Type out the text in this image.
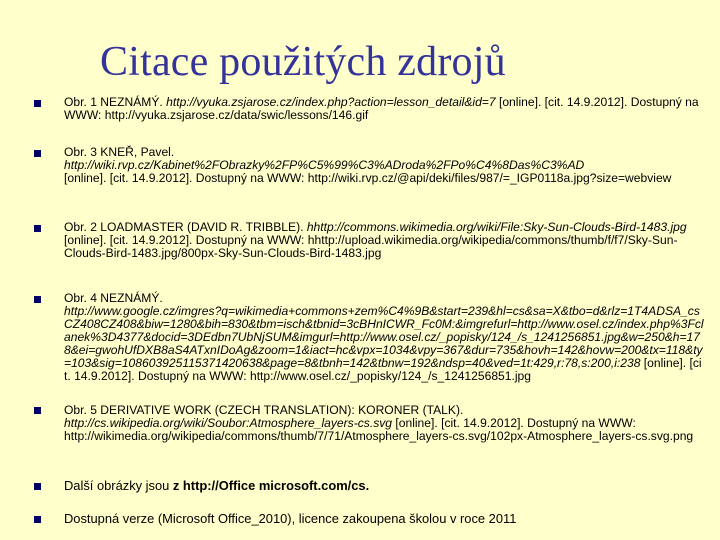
Citace použitých zdrojů
Obr. 1 NEZNÁMÝ. http://vyuka.zsjarose.cz/index.php?action=lesson_detail&id=7 [online]. [cit. 14.9.2012]. Dostupný na WWW: http://vyuka.zsjarose.cz/data/swic/lessons/146.gif
Obr. 3 KNEŘ, Pavel.
http://wiki.rvp.cz/Kabinet%2FObrazky%2FP%C5%99%C3%ADroda%2FPo%C4%8Das%C3%AD
[online]. [cit. 14.9.2012]. Dostupný na WWW: http://wiki.rvp.cz/@api/deki/files/987/=_IGP0118a.jpg?size=webview
Obr. 2 LOADMASTER (DAVID R. TRIBBLE). hhttp://commons.wikimedia.org/wiki/File:Sky-Sun-Clouds-Bird-1483.jpg [online]. [cit. 14.9.2012]. Dostupný na WWW: hhttp://upload.wikimedia.org/wikipedia/commons/thumb/f/f7/Sky-Sun-Clouds-Bird-1483.jpg/800px-Sky-Sun-Clouds-Bird-1483.jpg
Obr. 4 NEZNÁMÝ.
http://www.google.cz/imgres?q=wikimedia+commons+zem%C4%9B&start=239&hl=cs&sa=X&tbo=d&rlz=1T4ADSA_csCZ408CZ408&biw=1280&bih=830&tbm=isch&tbnid=3cBHnICWR_Fc0M:&imgrefurl=http://www.osel.cz/index.php%3Fclanek%3D4377&docid=3DEdbn7UbNjSUM&imgurl=http://www.osel.cz/_popisky/124_/s_1241256851.jpg&w=250&h=178&ei=gwohUfDXB8aS4ATxnIDoAg&zoom=1&iact=hc&vpx=1034&vpy=367&dur=735&hovh=142&hovw=200&tx=118&ty=103&sig=108603925115371420638&page=8&tbnh=142&tbnw=192&ndsp=40&ved=1t:429,r:78,s:200,i:238 [online]. [cit. 14.9.2012]. Dostupný na WWW: http://www.osel.cz/_popisky/124_/s_1241256851.jpg
Obr. 5 DERIVATIVE WORK (CZECH TRANSLATION): KORONER (TALK). http://cs.wikipedia.org/wiki/Soubor:Atmosphere_layers-cs.svg [online]. [cit. 14.9.2012]. Dostupný na WWW: http://wikimedia.org/wikipedia/commons/thumb/7/71/Atmosphere_layers-cs.svg/102px-Atmosphere_layers-cs.svg.png
Další obrázky jsou z http://Office microsoft.com/cs.
Dostupná verze (Microsoft Office_2010), licence zakoupena školou v roce 2011
